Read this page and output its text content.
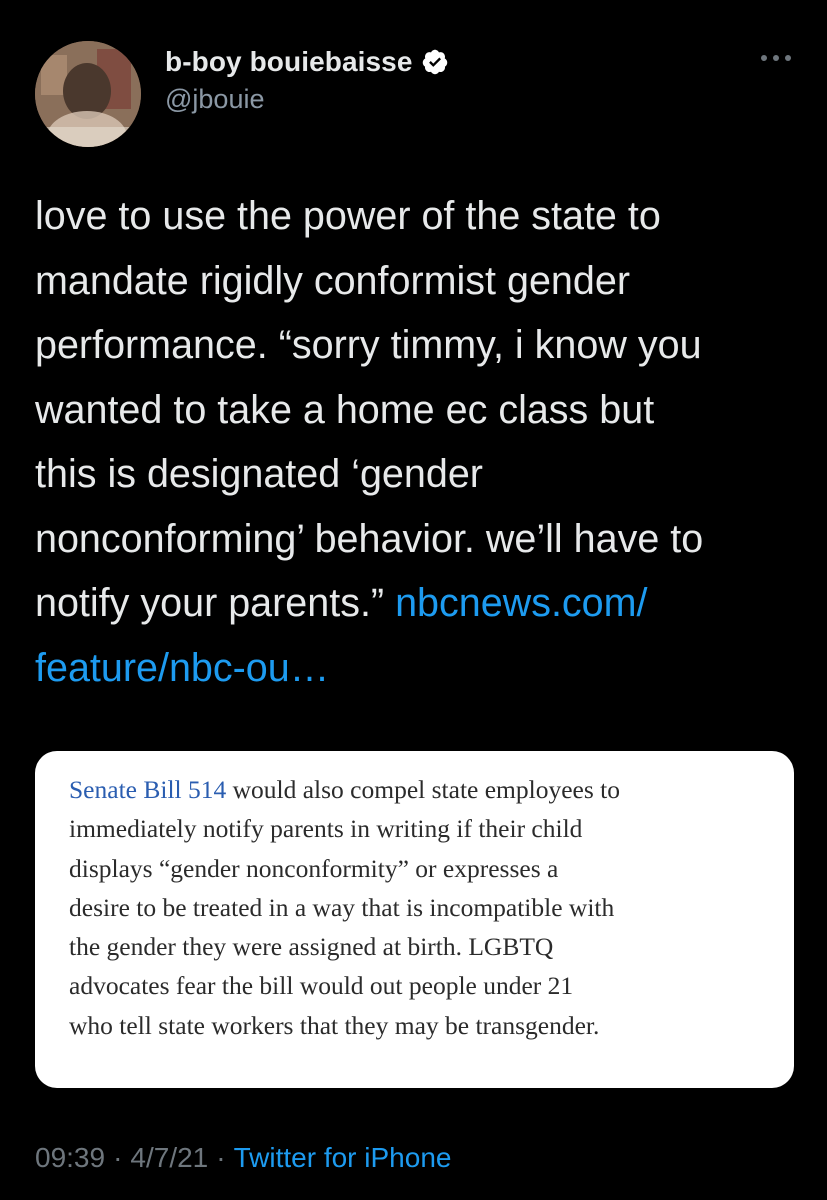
b-boy bouiebaisse
@jbouie
love to use the power of the state to
mandate rigidly conformist gender
performance. “sorry timmy, i know you
wanted to take a home ec class but
this is designated ‘gender
nonconforming’ behavior. we’ll have to
notify your parents.” nbcnews.com/
feature/nbc-ou…
Senate Bill 514 would also compel state employees to
immediately notify parents in writing if their child
displays “gender nonconformity” or expresses a
desire to be treated in a way that is incompatible with
the gender they were assigned at birth. LGBTQ
advocates fear the bill would out people under 21
who tell state workers that they may be transgender.
09:39 · 4/7/21 · Twitter for iPhone
